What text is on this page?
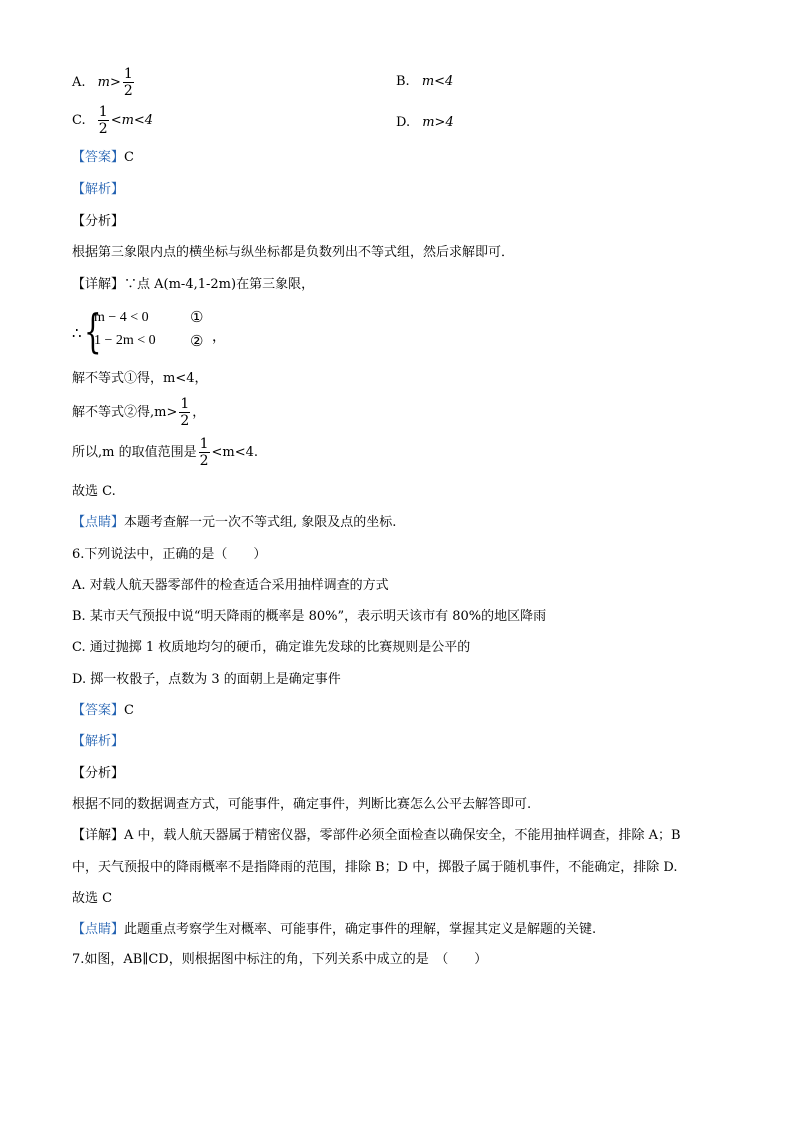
A. $m> \frac{1}{2}$	B. m<4
C. $\frac{1}{2} <m<4$	D. m>4
【答案】C
【解析】
【分析】
根据第三象限内点的横坐标与纵坐标都是负数列出不等式组，然后求解即可．
【详解】∵点 A(m-4,1-2m)在第三象限，
∴ {
m − 4 < 0
1 − 2m < 0
①
② ，
解不等式①得，m<4，
解不等式②得$,m> \frac{1}{2}$ ，
所以,m 的取值范围是 $\frac{1}{2} <m<4$.
故选 C.
【点睛】本题考查解一元一次不等式组, 象限及点的坐标.
6.下列说法中，正确的是（　　）
A. 对载人航天器零部件的检查适合采用抽样调查的方式
B. 某市天气预报中说“明天降雨的概率是 80%”，表示明天该市有 80%的地区降雨
C. 通过抛掷 1 枚质地均匀的硬币，确定谁先发球的比赛规则是公平的
D. 掷一枚骰子，点数为 3 的面朝上是确定事件
【答案】C
【解析】
【分析】
根据不同的数据调查方式，可能事件，确定事件，判断比赛怎么公平去解答即可.
【详解】A 中，载人航天器属于精密仪器，零部件必须全面检查以确保安全，不能用抽样调查，排除 A；B
中，天气预报中的降雨概率不是指降雨的范围，排除 B；D 中，掷骰子属于随机事件，不能确定，排除 D.
故选 C
【点睛】此题重点考察学生对概率、可能事件，确定事件的理解，掌握其定义是解题的关键.
7.如图，AB∥CD，则根据图中标注的角，下列关系中成立的是　（　　）
